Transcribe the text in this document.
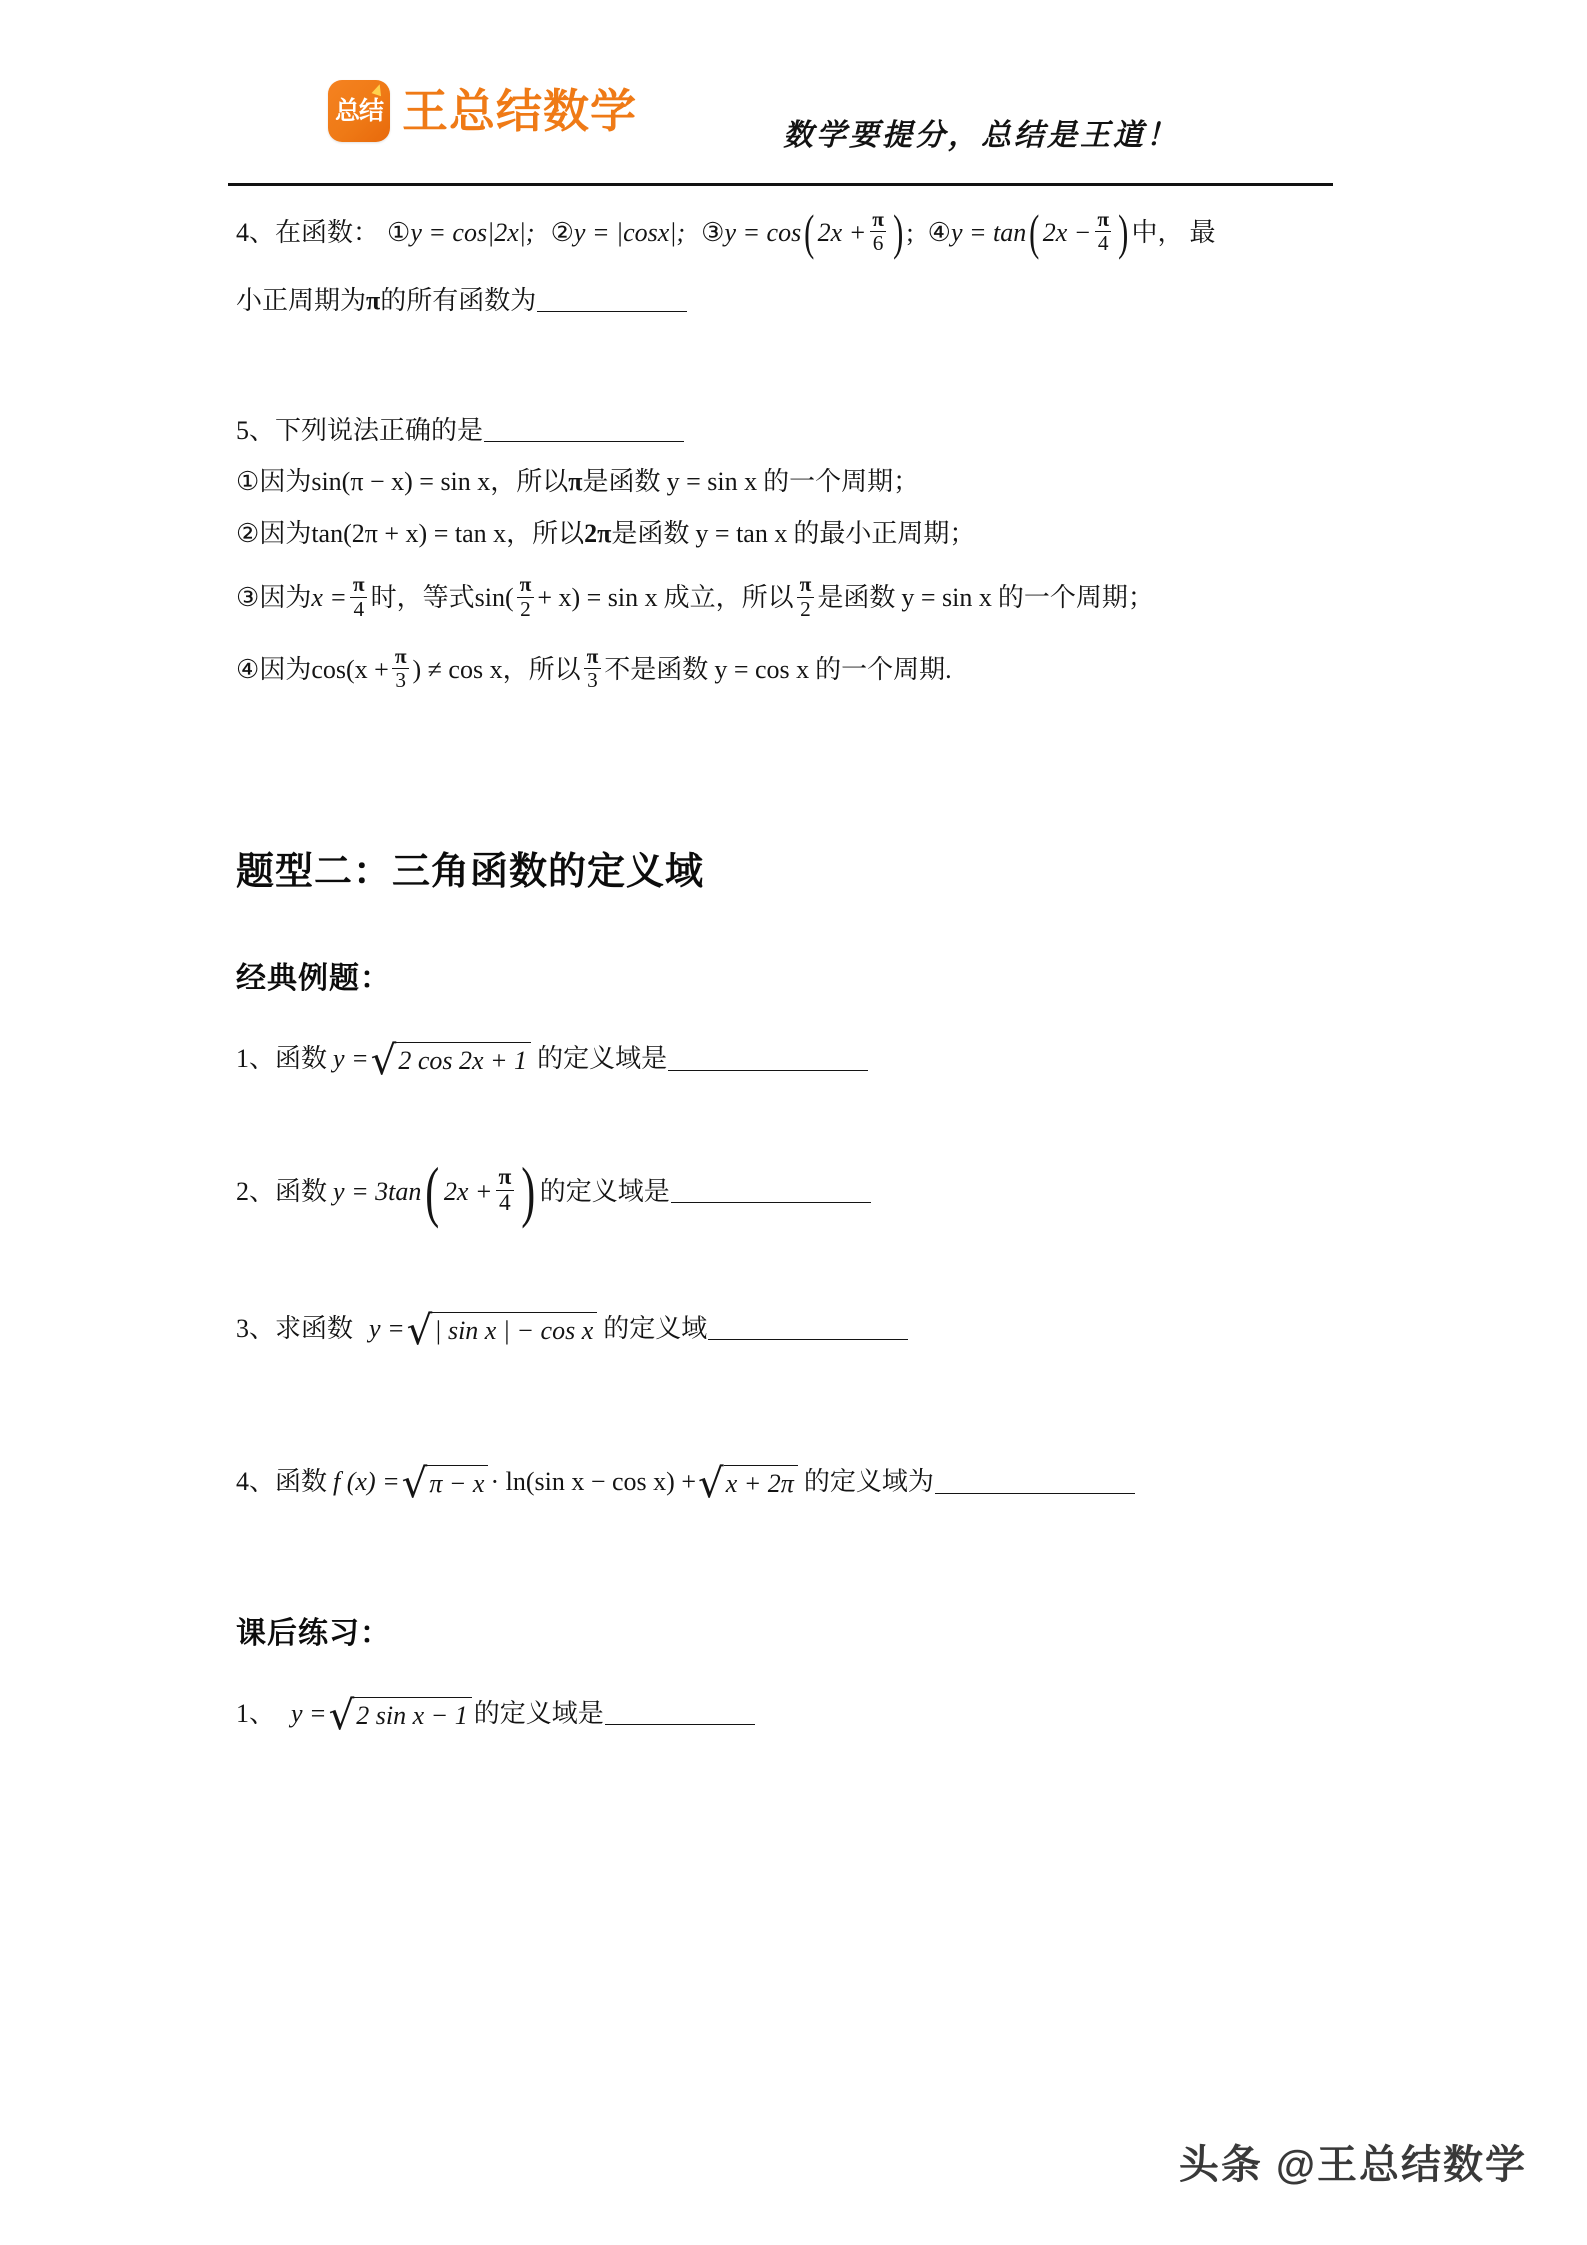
总结 王总结数学	数学要提分，总结是王道！
4、 在函数： ① y = cos|2x|; ② y = |cosx|; ③ y = cos ( $2x + \frac{\pi}{6}$ ) ; ④ y = tan ( $2x - \frac{\pi}{4}$ ) 中， 最
小正周期为 π 的所有函数为
5、 下列说法正确的是
① 因为 sin(π − x) = sin x ，所以 π 是函数 y = sin x 的一个周期；
② 因为 tan(2π + x) = tan x ，所以 2π 是函数 y = tan x 的最小正周期；
③ 因为 $x = \frac{\pi}{4}$ 时，等式 $\sin( \frac{\pi}{2} + x) = \sin x$ 成立，所以 $\frac{\pi}{2}$ 是函数 y = sin x 的一个周期；
④ 因为 $\cos(x + \frac{\pi}{3}$ ) ≠ cos x ，所以 $\frac{\pi}{3}$ 不是函数 y = cos x 的一个周期.
题型二：三角函数的定义域
经典例题：
1、 函数 y = √ 2 cos 2x + 1 的定义域是
2、 函数 y = 3tan ( $2x + \frac{\pi}{4}$ ) 的定义域是
3、 求函数 y = √ | sin x | − cos x 的定义域
4、 函数 f (x) = √ π − x · ln(sin x − cos x) + √ x + 2π 的定义域为
课后练习：
1、 y = √ 2 sin x − 1 的定义域是
头条 @王总结数学
